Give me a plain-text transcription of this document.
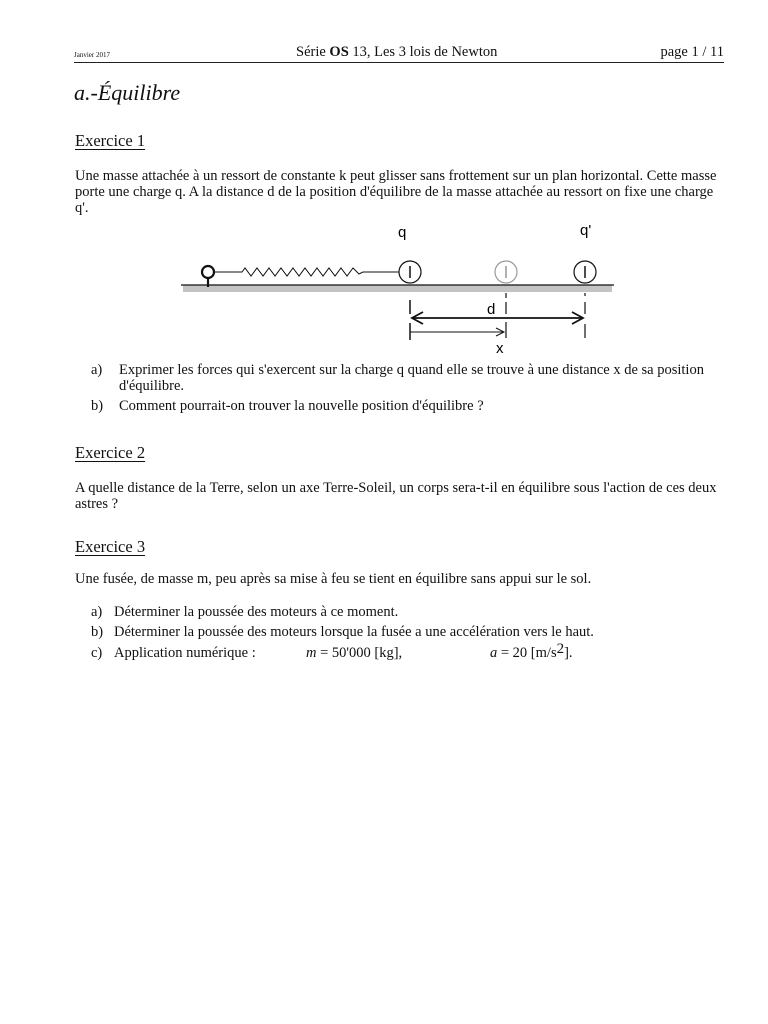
Janvier 2017	Série OS 13, Les 3 lois de Newton	page 1 / 11
a.-Équilibre
Exercice 1
Une masse attachée à un ressort de constante k peut glisser sans frottement sur un plan horizontal. Cette masse porte une charge q. A la distance d de la position d'équilibre de la masse attachée au ressort on fixe une charge q'.
q	q'
d
x
a) Exprimer les forces qui s'exercent sur la charge q quand elle se trouve à une distance x de sa position d'équilibre.
b) Comment pourrait-on trouver la nouvelle position d'équilibre ?
Exercice 2
A quelle distance de la Terre, selon un axe Terre-Soleil, un corps sera-t-il en équilibre sous l'action de ces deux astres ?
Exercice 3
Une fusée, de masse m, peu après sa mise à feu se tient en équilibre sans appui sur le sol.
a) Déterminer la poussée des moteurs à ce moment.
b) Déterminer la poussée des moteurs lorsque la fusée a une accélération vers le haut.
c) Application numérique :	m = 50'000 [kg],	a = 20 $[m/s^2]$.
